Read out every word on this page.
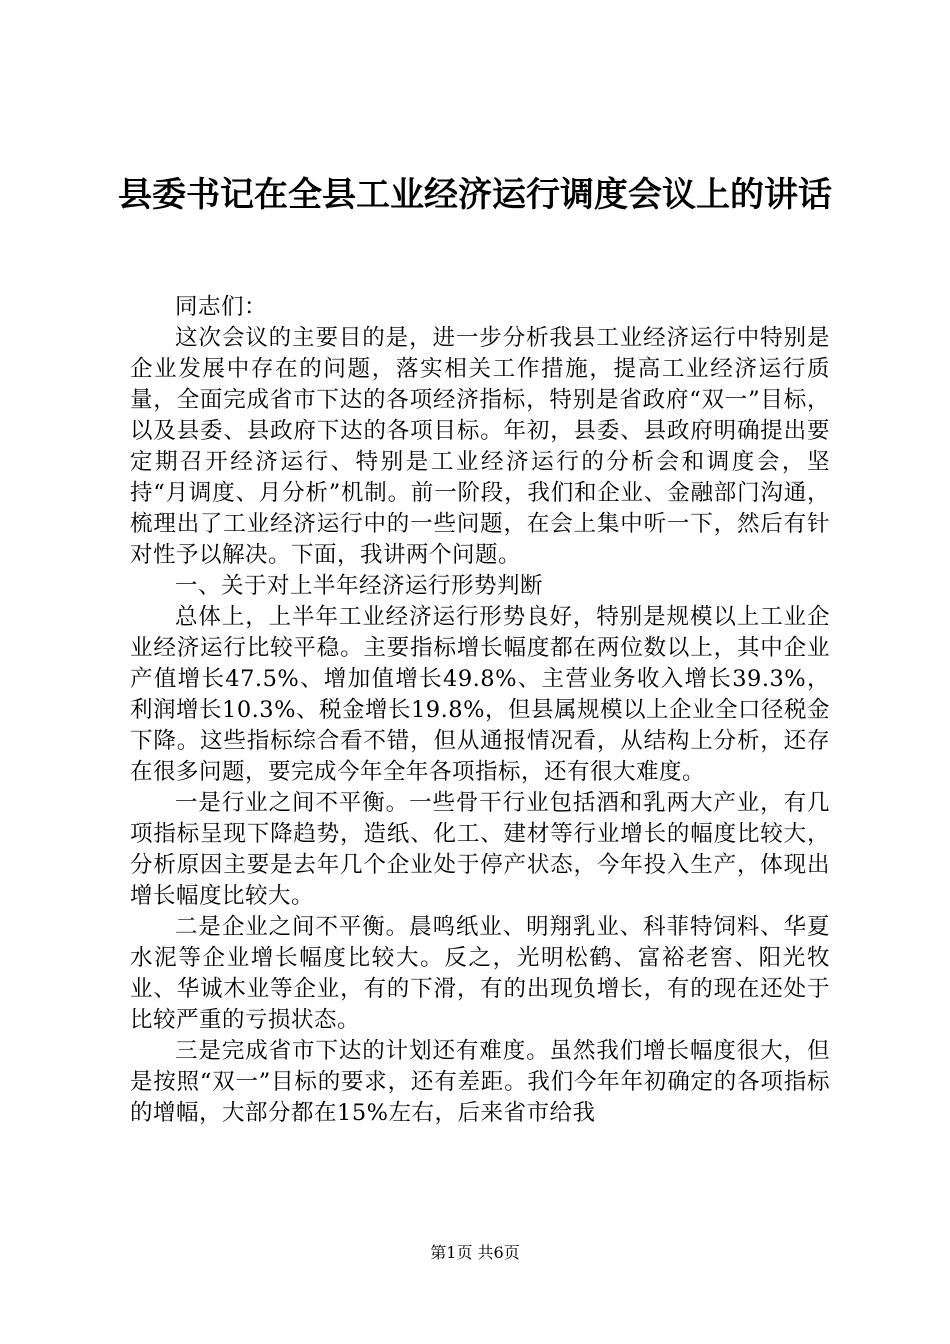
县委书记在全县工业经济运行调度会议上的讲话

同志们：

这次会议的主要目的是，进一步分析我县工业经济运行中特别是企业发展中存在的问题，落实相关工作措施，提高工业经济运行质量，全面完成省市下达的各项经济指标，特别是省政府“双一”目标，以及县委、县政府下达的各项目标。年初，县委、县政府明确提出要定期召开经济运行、特别是工业经济运行的分析会和调度会，坚持“月调度、月分析”机制。前一阶段，我们和企业、金融部门沟通，梳理出了工业经济运行中的一些问题，在会上集中听一下，然后有针对性予以解决。下面，我讲两个问题。

一、关于对上半年经济运行形势判断

总体上，上半年工业经济运行形势良好，特别是规模以上工业企业经济运行比较平稳。主要指标增长幅度都在两位数以上，其中企业产值增长47.5%、增加值增长49.8%、主营业务收入增长39.3%，利润增长10.3%、税金增长19.8%，但县属规模以上企业全口径税金下降。这些指标综合看不错，但从通报情况看，从结构上分析，还存在很多问题，要完成今年全年各项指标，还有很大难度。

一是行业之间不平衡。一些骨干行业包括酒和乳两大产业，有几项指标呈现下降趋势，造纸、化工、建材等行业增长的幅度比较大，分析原因主要是去年几个企业处于停产状态，今年投入生产，体现出增长幅度比较大。

二是企业之间不平衡。晨鸣纸业、明翔乳业、科菲特饲料、华夏水泥等企业增长幅度比较大。反之，光明松鹤、富裕老窖、阳光牧业、华诚木业等企业，有的下滑，有的出现负增长，有的现在还处于比较严重的亏损状态。

三是完成省市下达的计划还有难度。虽然我们增长幅度很大，但是按照“双一”目标的要求，还有差距。我们今年年初确定的各项指标的增幅，大部分都在15%左右，后来省市给我

第1页 共6页
